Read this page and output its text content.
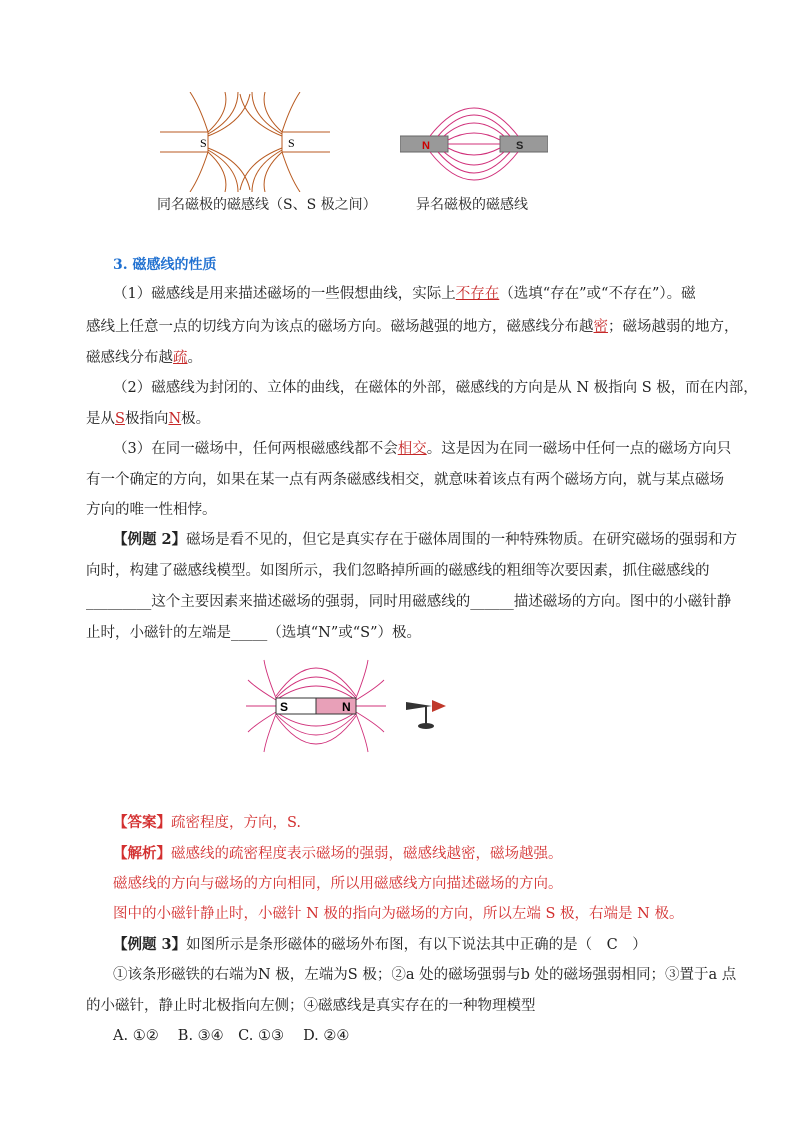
S	S
同名磁极的磁感线（S、S 极之间）
N	S
异名磁极的磁感线
3. 磁感线的性质
（1）磁感线是用来描述磁场的一些假想曲线，实际上不存在（选填“存在”或“不存在”）。磁
感线上任意一点的切线方向为该点的磁场方向。磁场越强的地方，磁感线分布越密；磁场越弱的地方，
磁感线分布越疏。
（2）磁感线为封闭的、立体的曲线，在磁体的外部，磁感线的方向是从 N 极指向 S 极，而在内部，
是从S极指向N极。
（3）在同一磁场中，任何两根磁感线都不会相交。这是因为在同一磁场中任何一点的磁场方向只
有一个确定的方向，如果在某一点有两条磁感线相交，就意味着该点有两个磁场方向，就与某点磁场
方向的唯一性相悖。
【例题 2】磁场是看不见的，但它是真实存在于磁体周围的一种特殊物质。在研究磁场的强弱和方
向时，构建了磁感线模型。如图所示，我们忽略掉所画的磁感线的粗细等次要因素，抓住磁感线的
_________这个主要因素来描述磁场的强弱，同时用磁感线的______描述磁场的方向。图中的小磁针静
止时，小磁针的左端是_____（选填“N”或“S”）极。
S	N
【答案】疏密程度，方向，S.
【解析】磁感线的疏密程度表示磁场的强弱，磁感线越密，磁场越强。
磁感线的方向与磁场的方向相同，所以用磁感线方向描述磁场的方向。
图中的小磁针静止时，小磁针 N 极的指向为磁场的方向，所以左端 S 极，右端是 N 极。
【例题 3】如图所示是条形磁体的磁场外布图，有以下说法其中正确的是（　C　）
①该条形磁铁的右端为N 极，左端为S 极；②a 处的磁场强弱与b 处的磁场强弱相同；③置于a 点
的小磁针，静止时北极指向左侧；④磁感线是真实存在的一种物理模型
A. ①②　 B. ③④　C. ①③　 D. ②④
